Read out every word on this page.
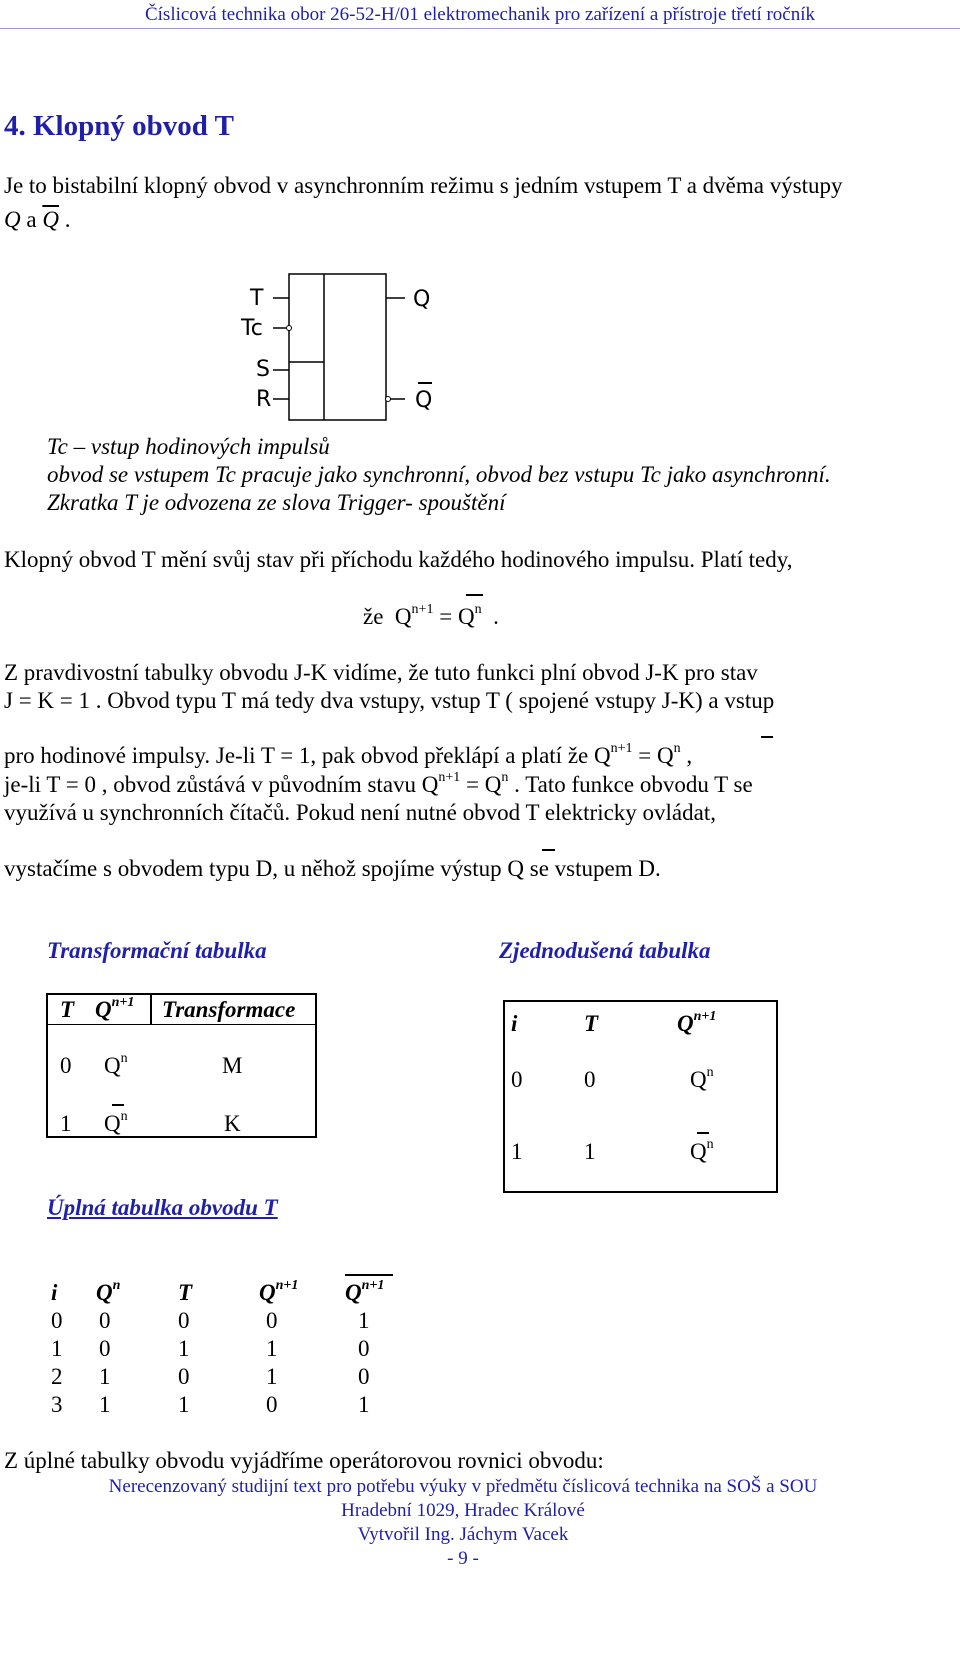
Číslicová technika obor 26-52-H/01 elektromechanik pro zařízení a přístroje třetí ročník
4. Klopný obvod T
Je to bistabilní klopný obvod v asynchronním režimu s jedním vstupem T a dvěma výstupy
Q a $\overline{Q}$ .
T
Tc
S
R
Q
Q
Tc – vstup hodinových impulsů
obvod se vstupem Tc pracuje jako synchronní, obvod bez vstupu Tc jako asynchronní.
Zkratka T je odvozena ze slova Trigger- spouštění
Klopný obvod T mění svůj stav při příchodu každého hodinového impulsu. Platí tedy,
že $Q^{n+1} = Q^n$ .
Z pravdivostní tabulky obvodu J-K vidíme, že tuto funkci plní obvod J-K pro stav
J = K = 1 . Obvod typu T má tedy dva vstupy, vstup T ( spojené vstupy J-K) a vstup
pro hodinové impulsy. Je-li T = 1, pak obvod překlápí a platí že $Q^{n+1} = Q^n$ ,
je-li T = 0 , obvod zůstává v původním stavu $Q^{n+1} = Q^n$ . Tato funkce obvodu T se
využívá u synchronních čítačů. Pokud není nutné obvod T elektricky ovládat,
vystačíme s obvodem typu D, u něhož spojíme výstup Q se vstupem D.
Transformační tabulka
T $Q^{n+1}$ Transformace
0 $Q^n$	M
1 $Q^n$	K
Zjednodušená tabulka
i	T	$Q^{n+1}$
0	0	$Q^n$
1	1	$Q^n$
Úplná tabulka obvodu T
i $Q^n$	T	$Q^{n+1}$ $Q^{n+1}$
0 0	0	0	1
1 0	1	1	0
2 1	0	1	0
3 1	1	0	1
Z úplné tabulky obvodu vyjádříme operátorovou rovnici obvodu:
Nerecenzovaný studijní text pro potřebu výuky v předmětu číslicová technika na SOŠ a SOU
Hradební 1029, Hradec Králové
Vytvořil Ing. Jáchym Vacek
- 9 -
